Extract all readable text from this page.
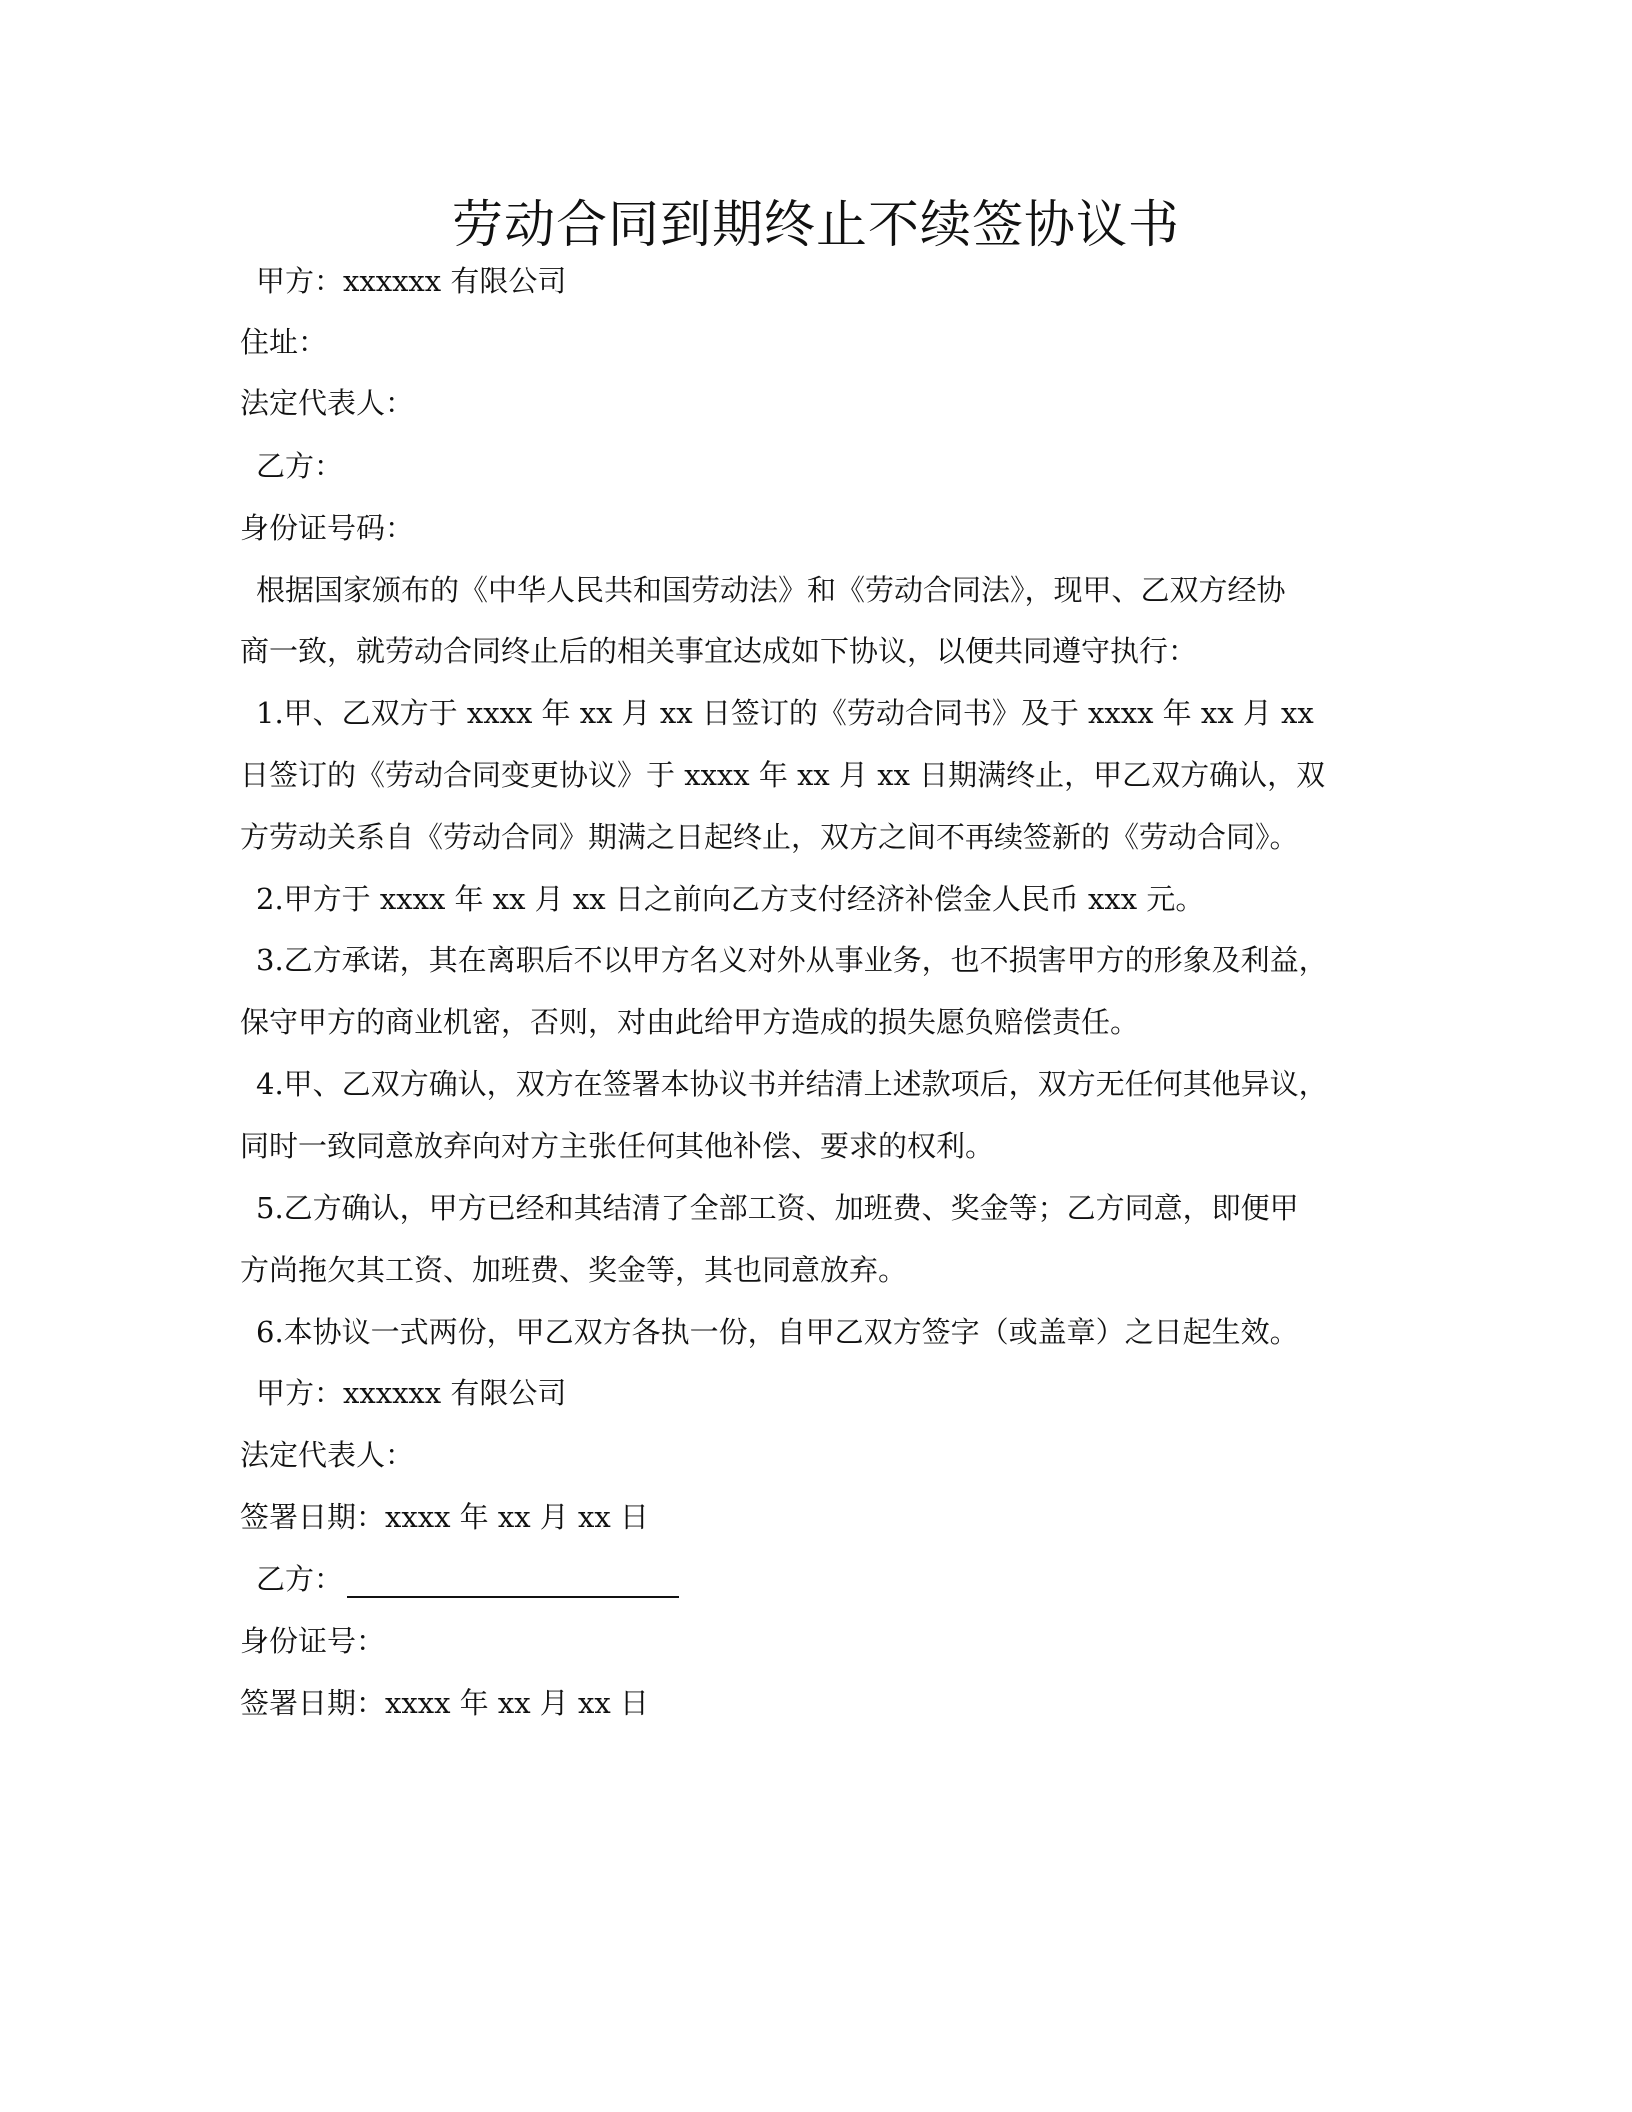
劳动合同到期终止不续签协议书
甲方：xxxxxx 有限公司
住址：
法定代表人：
乙方：
身份证号码：
根据国家颁布的《中华人民共和国劳动法》和《劳动合同法》，现甲、乙双方经协
商一致，就劳动合同终止后的相关事宜达成如下协议，以便共同遵守执行：
1.甲、乙双方于 xxxx 年 xx 月 xx 日签订的《劳动合同书》及于 xxxx 年 xx 月 xx
日签订的《劳动合同变更协议》于 xxxx 年 xx 月 xx 日期满终止，甲乙双方确认，双
方劳动关系自《劳动合同》期满之日起终止，双方之间不再续签新的《劳动合同》。
2.甲方于 xxxx 年 xx 月 xx 日之前向乙方支付经济补偿金人民币 xxx 元。
3.乙方承诺，其在离职后不以甲方名义对外从事业务，也不损害甲方的形象及利益，
保守甲方的商业机密，否则，对由此给甲方造成的损失愿负赔偿责任。
4.甲、乙双方确认，双方在签署本协议书并结清上述款项后，双方无任何其他异议，
同时一致同意放弃向对方主张任何其他补偿、要求的权利。
5.乙方确认，甲方已经和其结清了全部工资、加班费、奖金等；乙方同意，即便甲
方尚拖欠其工资、加班费、奖金等，其也同意放弃。
6.本协议一式两份，甲乙双方各执一份，自甲乙双方签字（或盖章）之日起生效。
甲方：xxxxxx 有限公司
法定代表人：
签署日期：xxxx 年 xx 月 xx 日
乙方：
身份证号：
签署日期：xxxx 年 xx 月 xx 日
